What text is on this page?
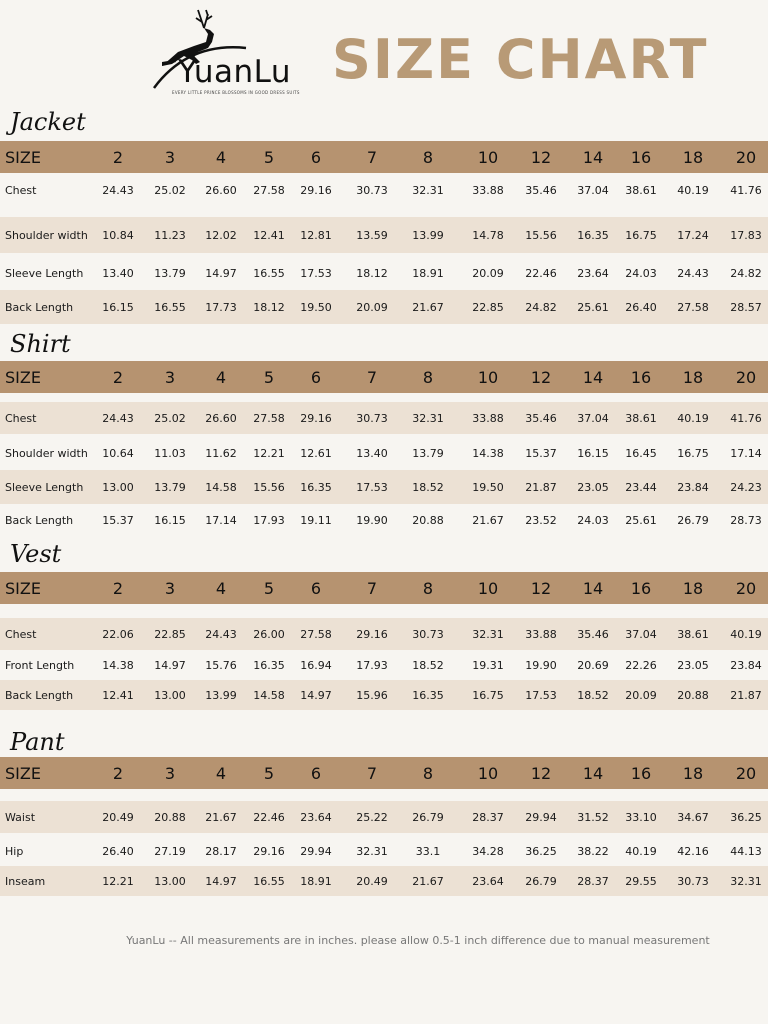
YuanLu
EVERY LITTLE PRINCE BLOSSOMS IN GOOD DRESS SUITS
SIZE CHART
Jacket
SIZE	2	3	4	5	6	7	8	10	12	14	16	18	20
Chest	24.43	25.02	26.60	27.58	29.16	30.73	32.31	33.88	35.46	37.04	38.61	40.19	41.76
Shoulder width	10.84	11.23	12.02	12.41	12.81	13.59	13.99	14.78	15.56	16.35	16.75	17.24	17.83
Sleeve Length	13.40	13.79	14.97	16.55	17.53	18.12	18.91	20.09	22.46	23.64	24.03	24.43	24.82
Back Length	16.15	16.55	17.73	18.12	19.50	20.09	21.67	22.85	24.82	25.61	26.40	27.58	28.57
Shirt
SIZE	2	3	4	5	6	7	8	10	12	14	16	18	20
Chest	24.43	25.02	26.60	27.58	29.16	30.73	32.31	33.88	35.46	37.04	38.61	40.19	41.76
Shoulder width	10.64	11.03	11.62	12.21	12.61	13.40	13.79	14.38	15.37	16.15	16.45	16.75	17.14
Sleeve Length	13.00	13.79	14.58	15.56	16.35	17.53	18.52	19.50	21.87	23.05	23.44	23.84	24.23
Back Length	15.37	16.15	17.14	17.93	19.11	19.90	20.88	21.67	23.52	24.03	25.61	26.79	28.73
Vest
SIZE	2	3	4	5	6	7	8	10	12	14	16	18	20
Chest	22.06	22.85	24.43	26.00	27.58	29.16	30.73	32.31	33.88	35.46	37.04	38.61	40.19
Front Length	14.38	14.97	15.76	16.35	16.94	17.93	18.52	19.31	19.90	20.69	22.26	23.05	23.84
Back Length	12.41	13.00	13.99	14.58	14.97	15.96	16.35	16.75	17.53	18.52	20.09	20.88	21.87
Pant
SIZE	2	3	4	5	6	7	8	10	12	14	16	18	20
Waist	20.49	20.88	21.67	22.46	23.64	25.22	26.79	28.37	29.94	31.52	33.10	34.67	36.25
Hip	26.40	27.19	28.17	29.16	29.94	32.31	33.1	34.28	36.25	38.22	40.19	42.16	44.13
Inseam	12.21	13.00	14.97	16.55	18.91	20.49	21.67	23.64	26.79	28.37	29.55	30.73	32.31
YuanLu -- All measurements are in inches. please allow 0.5-1 inch difference due to manual measurement
